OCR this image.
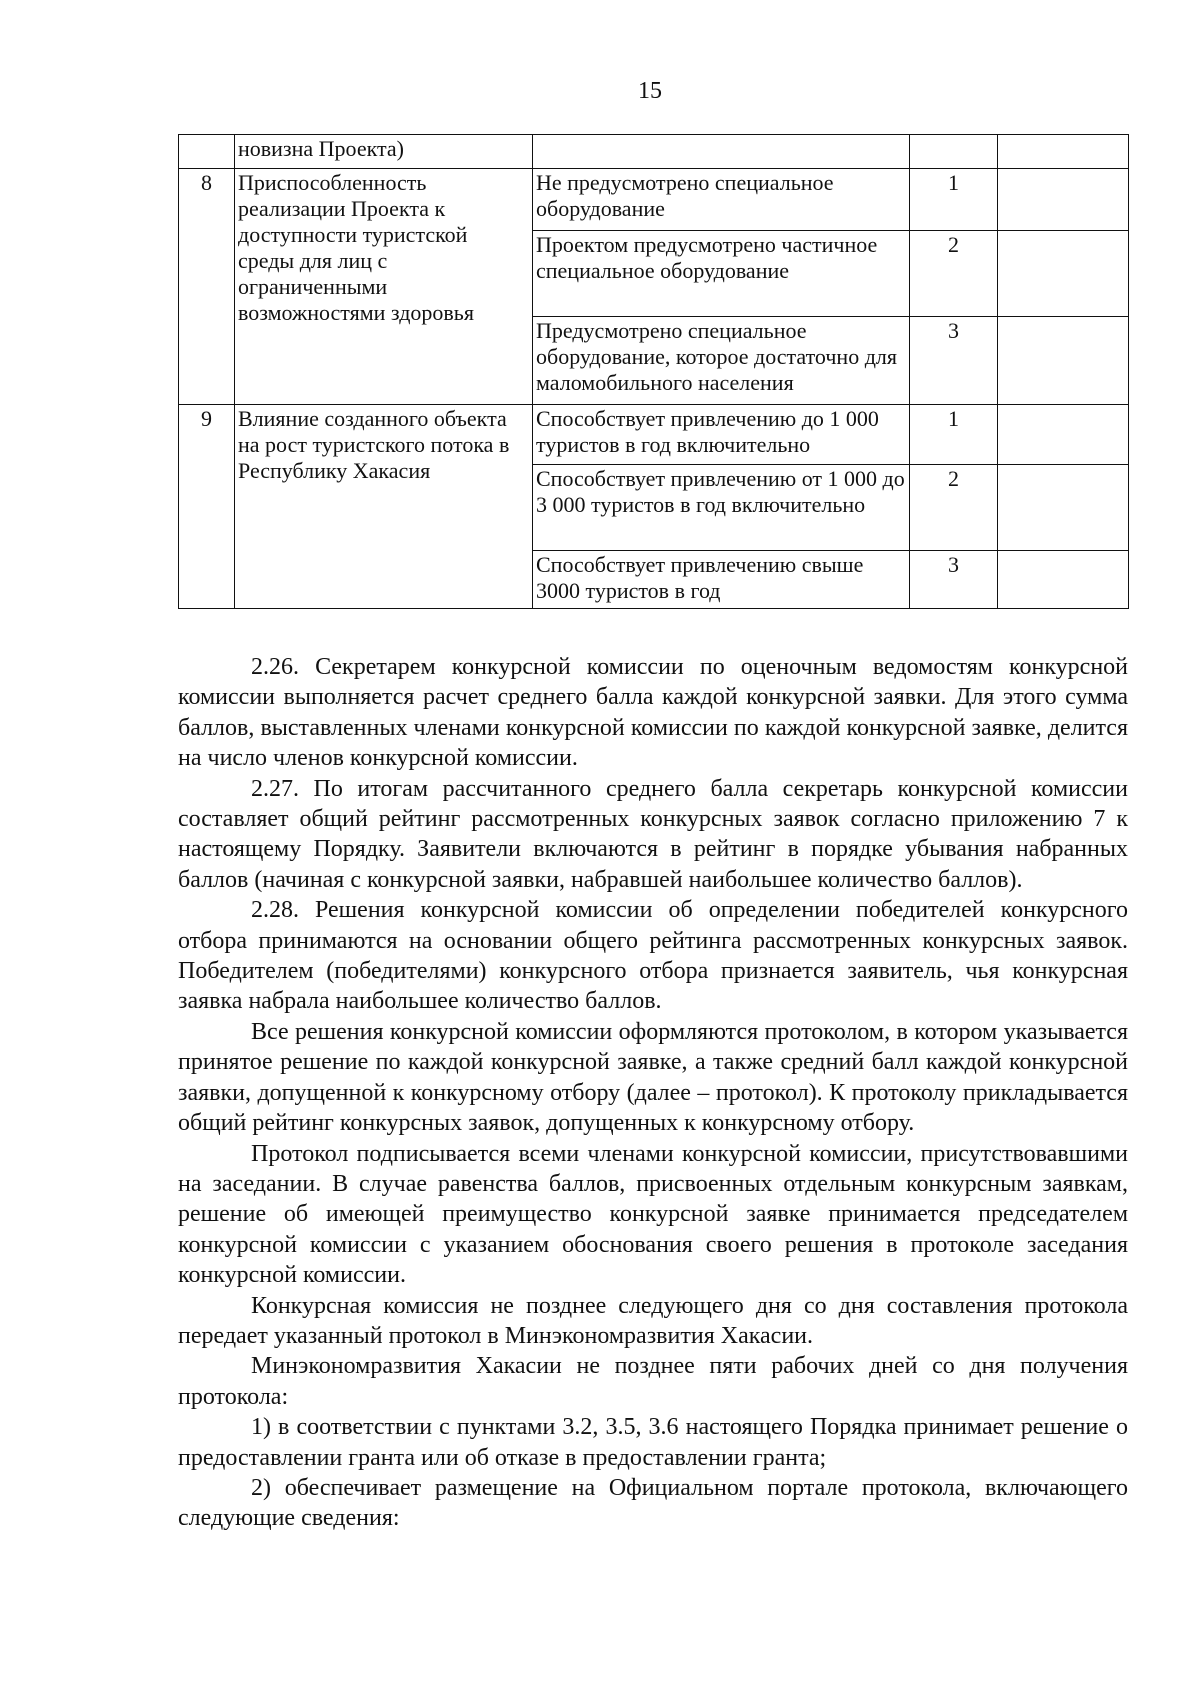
15
	новизна Проекта)			
8	Приспособленность реализации Проекта к доступности туристской среды для лиц с ограниченными возможностями здоровья	Не предусмотрено специальное оборудование	1	
		Проектом предусмотрено частичное специальное оборудование	2	
		Предусмотрено специальное оборудование, которое достаточно для маломобильного населения	3	
9	Влияние созданного объекта на рост туристского потока в Республику Хакасия	Способствует привлечению до 1 000 туристов в год включительно	1	
		Способствует привлечению от 1 000 до 3 000 туристов в год включительно	2	
		Способствует привлечению свыше 3000 туристов в год	3	

2.26. Секретарем конкурсной комиссии по оценочным ведомостям конкурсной комиссии выполняется расчет среднего балла каждой конкурсной заявки. Для этого сумма баллов, выставленных членами конкурсной комиссии по каждой конкурсной заявке, делится на число членов конкурсной комиссии.

2.27. По итогам рассчитанного среднего балла секретарь конкурсной комиссии составляет общий рейтинг рассмотренных конкурсных заявок согласно приложению 7 к настоящему Порядку. Заявители включаются в рейтинг в порядке убывания набранных баллов (начиная с конкурсной заявки, набравшей наибольшее количество баллов).

2.28. Решения конкурсной комиссии об определении победителей конкурсного отбора принимаются на основании общего рейтинга рассмотренных конкурсных заявок. Победителем (победителями) конкурсного отбора признается заявитель, чья конкурсная заявка набрала наибольшее количество баллов.

Все решения конкурсной комиссии оформляются протоколом, в котором указывается принятое решение по каждой конкурсной заявке, а также средний балл каждой конкурсной заявки, допущенной к конкурсному отбору (далее – протокол). К протоколу прикладывается общий рейтинг конкурсных заявок, допущенных к конкурсному отбору.

Протокол подписывается всеми членами конкурсной комиссии, присутствовавшими на заседании. В случае равенства баллов, присвоенных отдельным конкурсным заявкам, решение об имеющей преимущество конкурсной заявке принимается председателем конкурсной комиссии с указанием обоснования своего решения в протоколе заседания конкурсной комиссии.

Конкурсная комиссия не позднее следующего дня со дня составления протокола передает указанный протокол в Минэкономразвития Хакасии.

Минэкономразвития Хакасии не позднее пяти рабочих дней со дня получения протокола:

1) в соответствии с пунктами 3.2, 3.5, 3.6 настоящего Порядка принимает решение о предоставлении гранта или об отказе в предоставлении гранта;

2) обеспечивает размещение на Официальном портале протокола, включающего следующие сведения:
